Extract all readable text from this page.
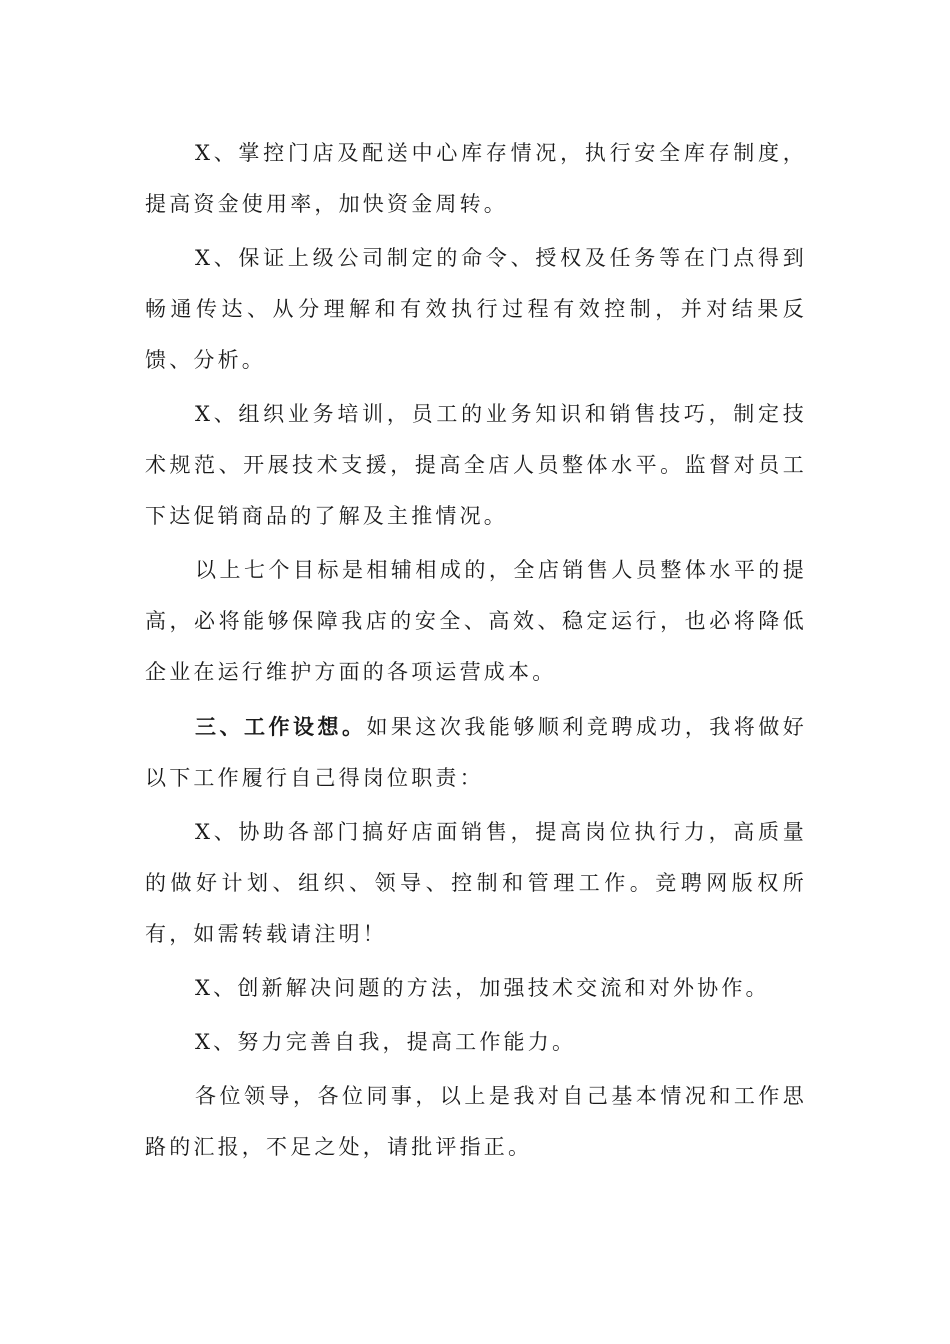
X、掌控门店及配送中心库存情况，执行安全库存制度，提高资金使用率，加快资金周转。

X、保证上级公司制定的命令、授权及任务等在门点得到畅通传达、从分理解和有效执行过程有效控制，并对结果反馈、分析。

X、组织业务培训，员工的业务知识和销售技巧，制定技术规范、开展技术支援，提高全店人员整体水平。监督对员工下达促销商品的了解及主推情况。

以上七个目标是相辅相成的，全店销售人员整体水平的提高，必将能够保障我店的安全、高效、稳定运行，也必将降低企业在运行维护方面的各项运营成本。

三、工作设想。如果这次我能够顺利竞聘成功，我将做好以下工作履行自己得岗位职责：

X、协助各部门搞好店面销售，提高岗位执行力，高质量的做好计划、组织、领导、控制和管理工作。竞聘网版权所有，如需转载请注明！

X、创新解决问题的方法，加强技术交流和对外协作。

X、努力完善自我，提高工作能力。

各位领导，各位同事，以上是我对自己基本情况和工作思路的汇报，不足之处，请批评指正。
